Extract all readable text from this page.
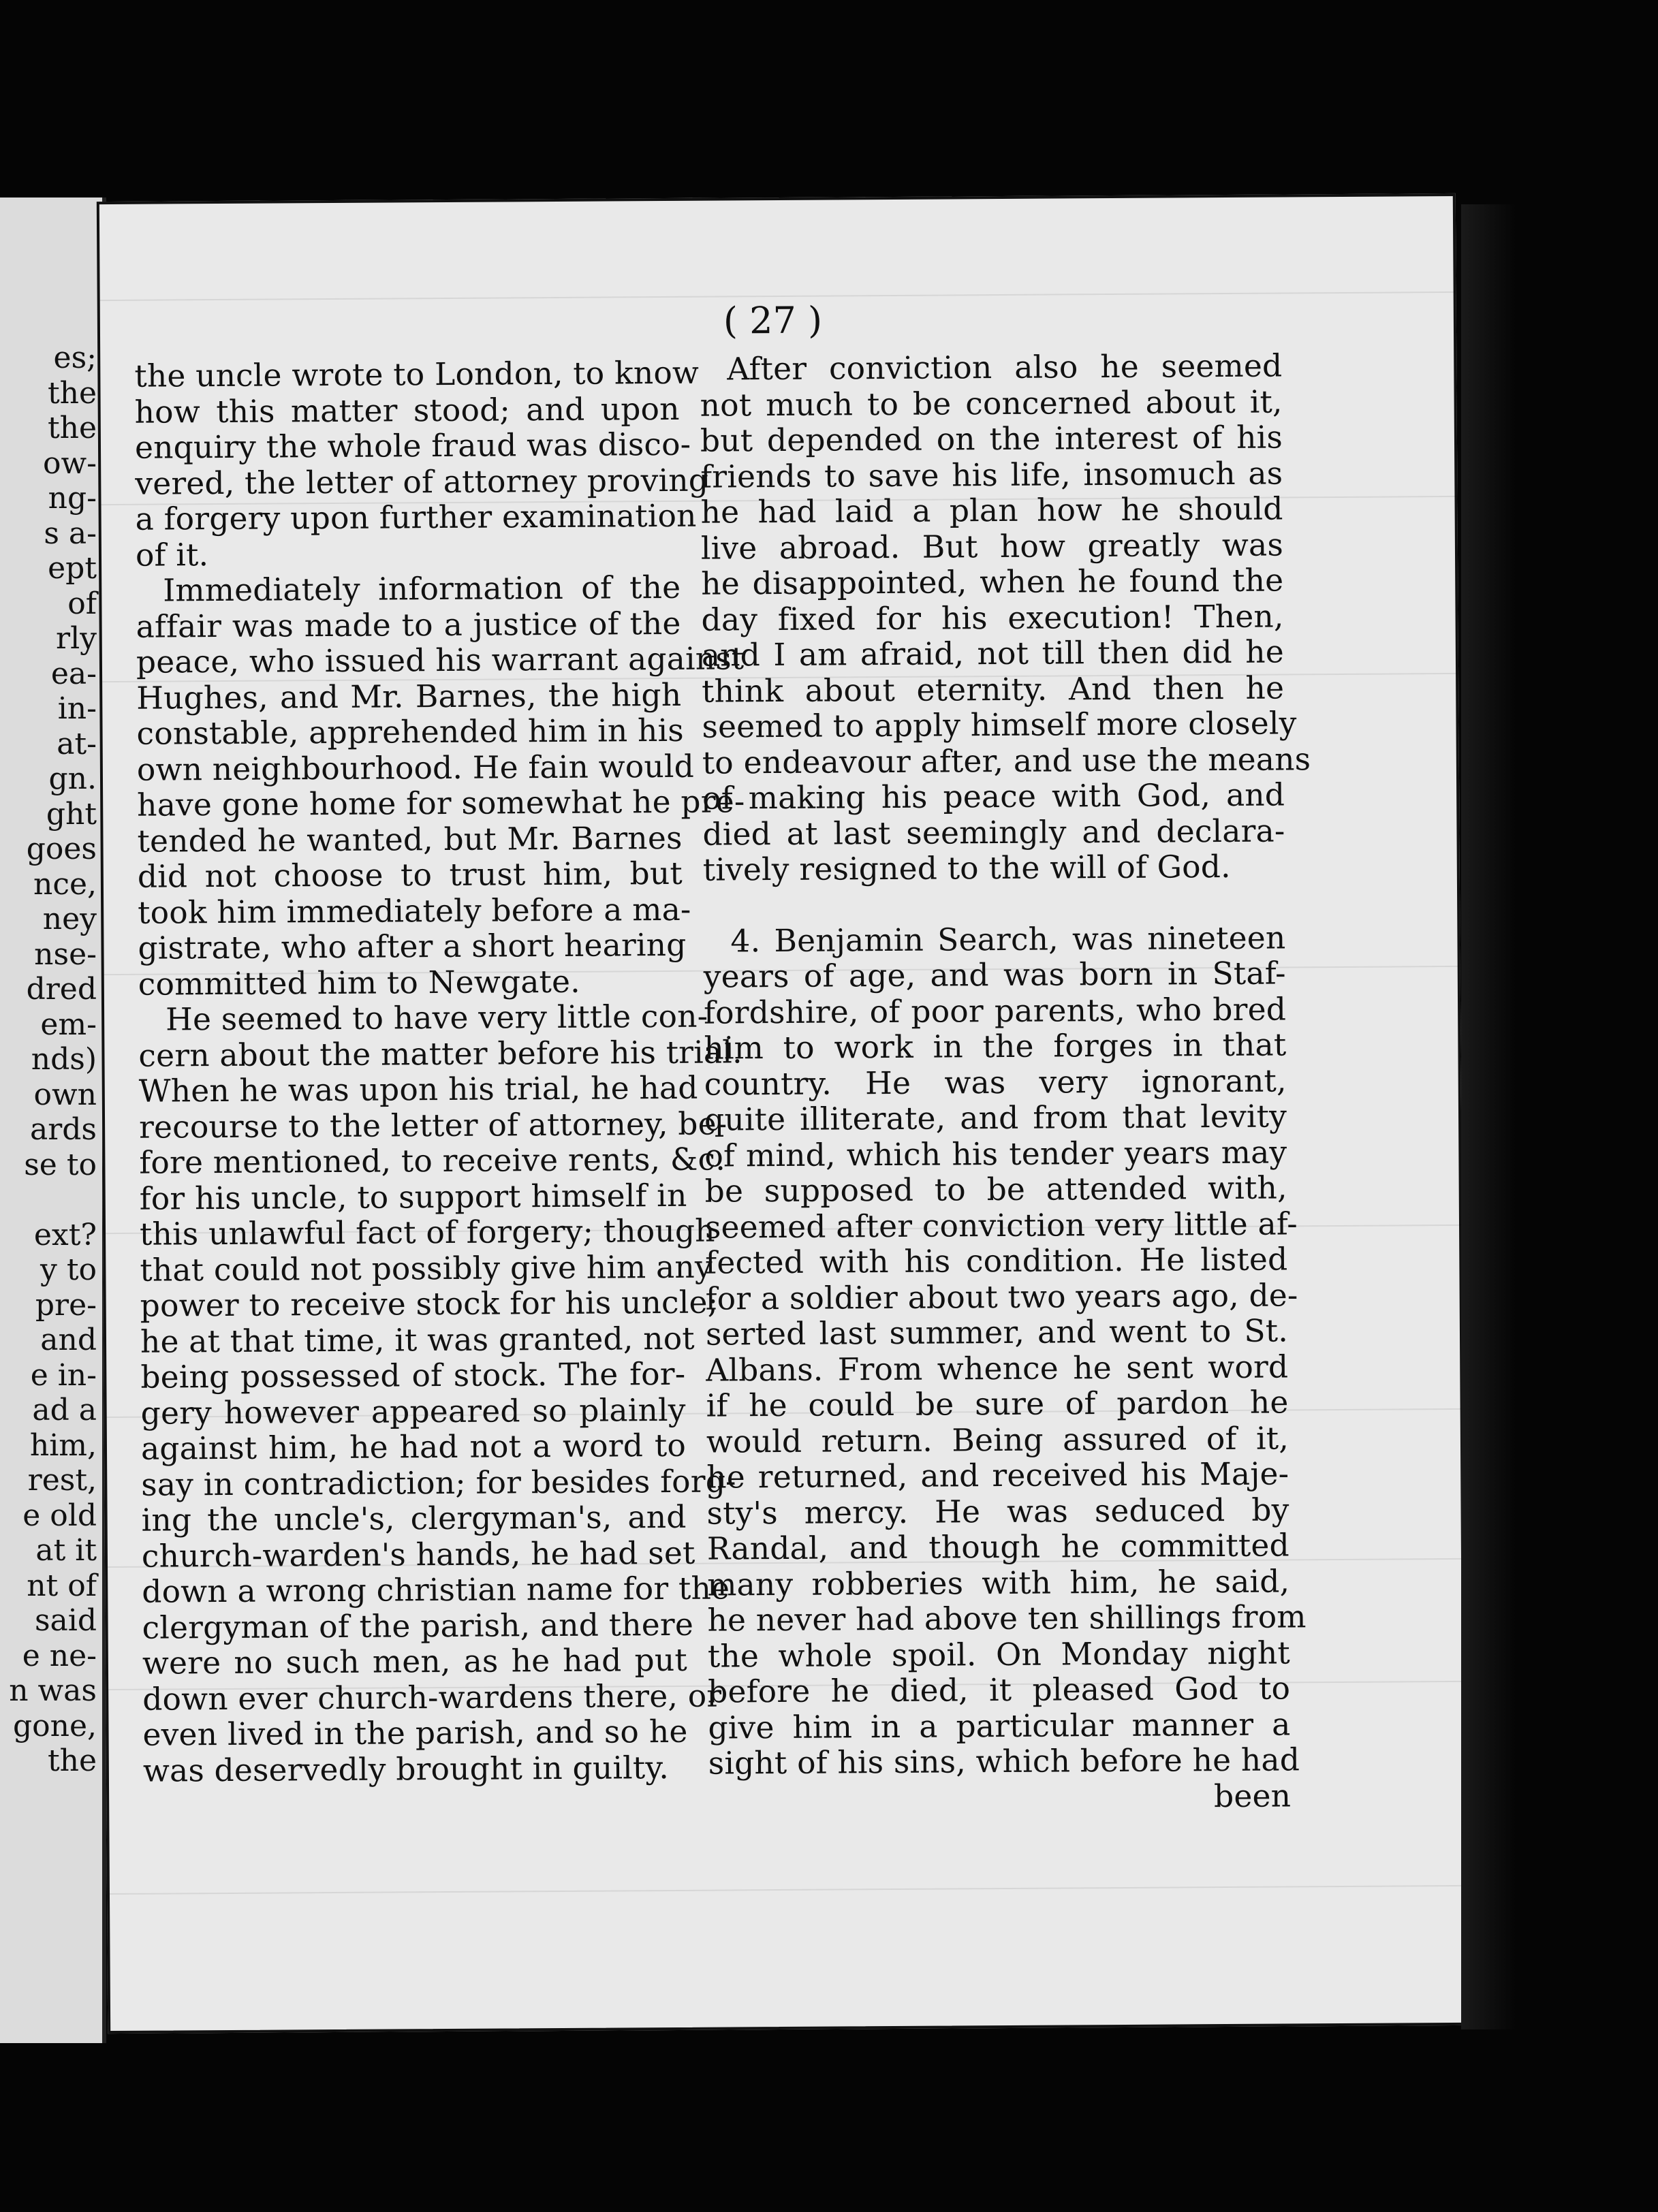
es;
the
the
ow-
ng-
s a-
ept
of
rly
ea-
in-
at-
gn.
ght
goes
nce,
ney
nse-
dred
em-
nds)
own
ards
se to
ext?
y to
pre-
and
e in-
ad a
him,
rest,
e old
at it
nt of
said
e ne-
n was
gone,
the
( 27 )
the uncle wrote to London, to know
how this matter stood; and upon
enquiry the whole fraud was disco-
vered, the letter of attorney proving
a forgery upon further examination
of it.
Immediately information of the
affair was made to a justice of the
peace, who issued his warrant against
Hughes, and Mr. Barnes, the high
constable, apprehended him in his
own neighbourhood. He fain would
have gone home for somewhat he pre-
tended he wanted, but Mr. Barnes
did not choose to trust him, but
took him immediately before a ma-
gistrate, who after a short hearing
committed him to Newgate.
He seemed to have very little con-
cern about the matter before his trial.
When he was upon his trial, he had
recourse to the letter of attorney, be-
fore mentioned, to receive rents, &c.
for his uncle, to support himself in
this unlawful fact of forgery; though
that could not possibly give him any
power to receive stock for his uncle;
he at that time, it was granted, not
being possessed of stock. The for-
gery however appeared so plainly
against him, he had not a word to
say in contradiction; for besides forg-
ing the uncle's, clergyman's, and
church-warden's hands, he had set
down a wrong christian name for the
clergyman of the parish, and there
were no such men, as he had put
down ever church-wardens there, or
even lived in the parish, and so he
was deservedly brought in guilty.
After conviction also he seemed
not much to be concerned about it,
but depended on the interest of his
friends to save his life, insomuch as
he had laid a plan how he should
live abroad. But how greatly was
he disappointed, when he found the
day fixed for his execution! Then,
and I am afraid, not till then did he
think about eternity. And then he
seemed to apply himself more closely
to endeavour after, and use the means
of making his peace with God, and
died at last seemingly and declara-
tively resigned to the will of God.
4. Benjamin Search, was nineteen
years of age, and was born in Staf-
fordshire, of poor parents, who bred
him to work in the forges in that
country. He was very ignorant,
quite illiterate, and from that levity
of mind, which his tender years may
be supposed to be attended with,
seemed after conviction very little af-
fected with his condition. He listed
for a soldier about two years ago, de-
serted last summer, and went to St.
Albans. From whence he sent word
if he could be sure of pardon he
would return. Being assured of it,
he returned, and received his Maje-
sty's mercy. He was seduced by
Randal, and though he committed
many robberies with him, he said,
he never had above ten shillings from
the whole spoil. On Monday night
before he died, it pleased God to
give him in a particular manner a
sight of his sins, which before he had
been
